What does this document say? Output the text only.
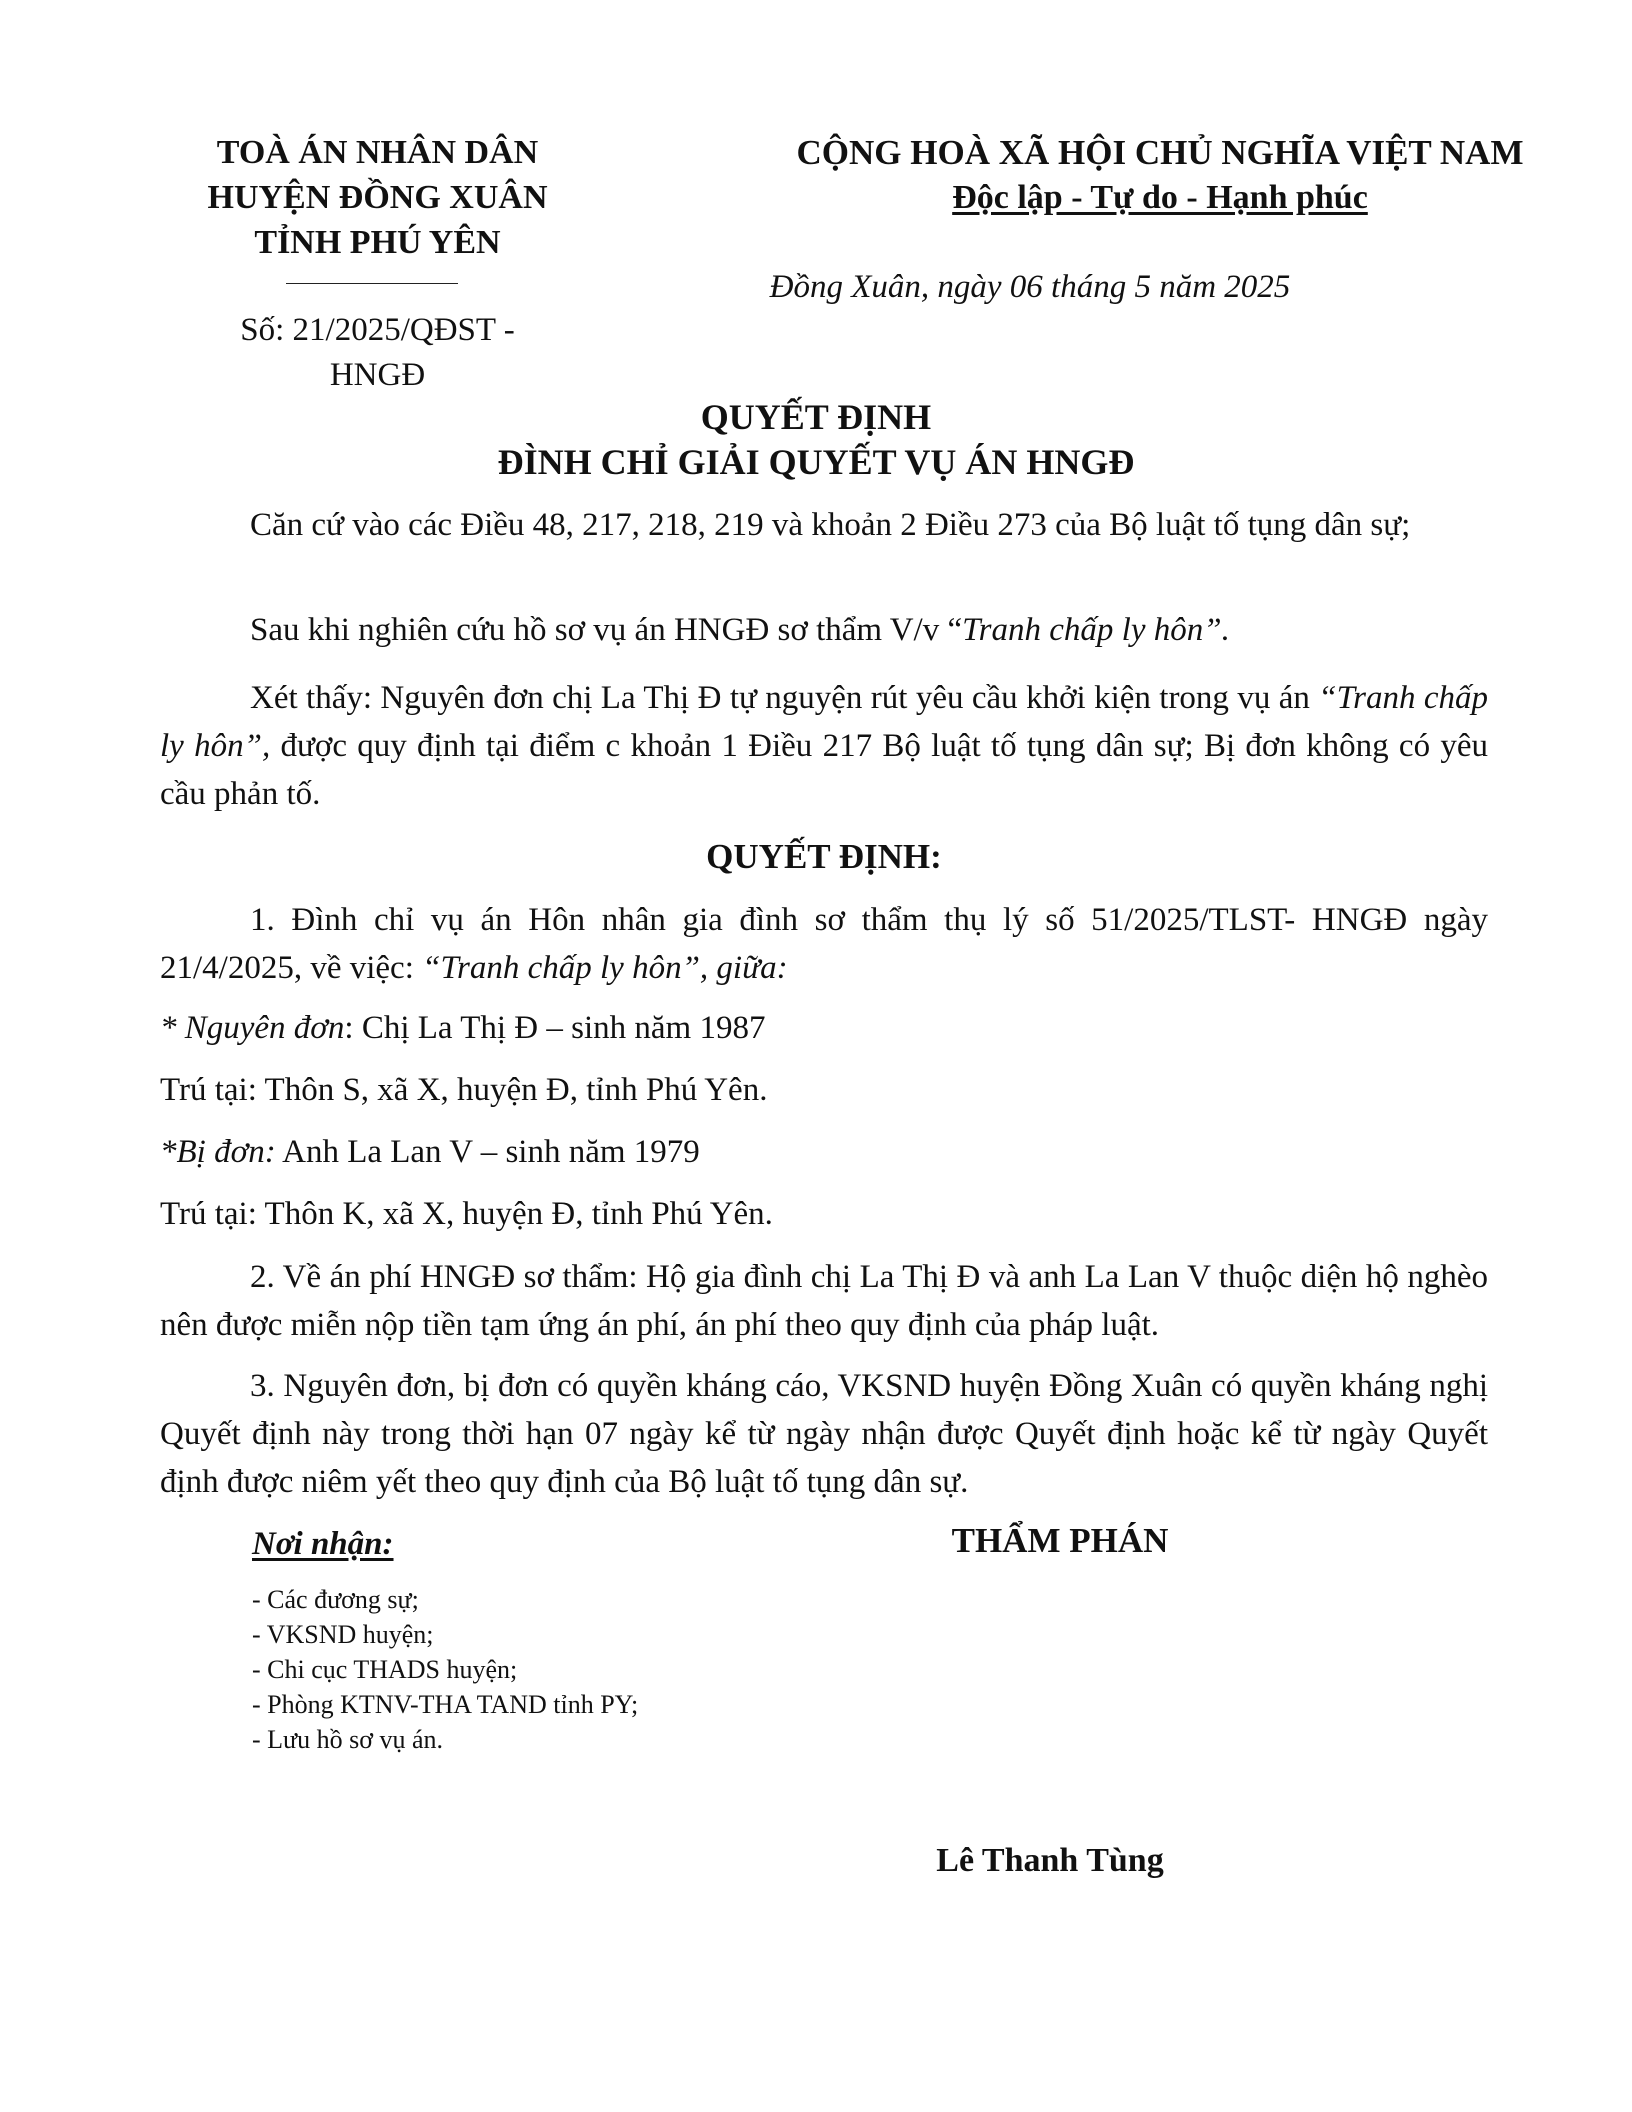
TOÀ ÁN NHÂN DÂN
HUYỆN ĐỒNG XUÂN
TỈNH PHÚ YÊN
Số: 21/2025/QĐST -
HNGĐ
CỘNG HOÀ XÃ HỘI CHỦ NGHĨA VIỆT NAM
Độc lập - Tự do - Hạnh phúc
Đồng Xuân, ngày 06 tháng 5 năm 2025
QUYẾT ĐỊNH
ĐÌNH CHỈ GIẢI QUYẾT VỤ ÁN HNGĐ

Căn cứ vào các Điều 48, 217, 218, 219 và khoản 2 Điều 273 của Bộ luật tố tụng dân sự;

Sau khi nghiên cứu hồ sơ vụ án HNGĐ sơ thẩm V/v “Tranh chấp ly hôn”.

Xét thấy: Nguyên đơn chị La Thị Đ tự nguyện rút yêu cầu khởi kiện trong vụ án “Tranh chấp ly hôn”, được quy định tại điểm c khoản 1 Điều 217 Bộ luật tố tụng dân sự; Bị đơn không có yêu cầu phản tố.

QUYẾT ĐỊNH:

1. Đình chỉ vụ án Hôn nhân gia đình sơ thẩm thụ lý số 51/2025/TLST- HNGĐ ngày 21/4/2025, về việc: “Tranh chấp ly hôn”, giữa:

* Nguyên đơn: Chị La Thị Đ – sinh năm 1987

Trú tại: Thôn S, xã X, huyện Đ, tỉnh Phú Yên.

*Bị đơn: Anh La Lan V – sinh năm 1979

Trú tại: Thôn K, xã X, huyện Đ, tỉnh Phú Yên.

2. Về án phí HNGĐ sơ thẩm: Hộ gia đình chị La Thị Đ và anh La Lan V thuộc diện hộ nghèo nên được miễn nộp tiền tạm ứng án phí, án phí theo quy định của pháp luật.

3. Nguyên đơn, bị đơn có quyền kháng cáo, VKSND huyện Đồng Xuân có quyền kháng nghị Quyết định này trong thời hạn 07 ngày kể từ ngày nhận được Quyết định hoặc kể từ ngày Quyết định được niêm yết theo quy định của Bộ luật tố tụng dân sự.

Nơi nhận:
- Các đương sự;
- VKSND huyện;
- Chi cục THADS huyện;
- Phòng KTNV-THA TAND tỉnh PY;
- Lưu hồ sơ vụ án.
THẨM PHÁN
Lê Thanh Tùng
